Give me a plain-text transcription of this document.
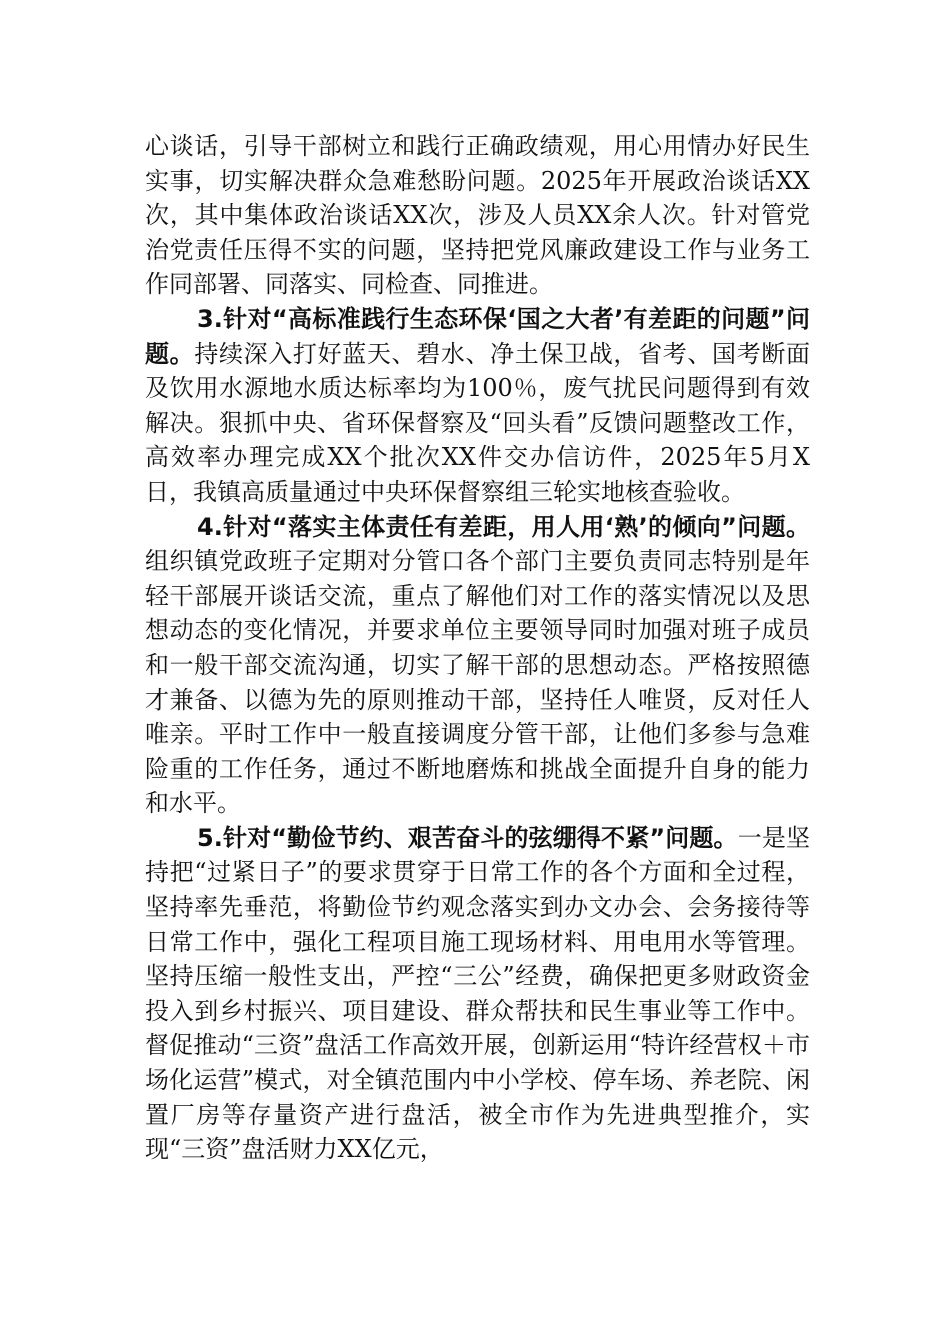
心谈话，引导干部树立和践行正确政绩观，用心用情办好民生实事，切实解决群众急难愁盼问题。2025年开展政治谈话XX次，其中集体政治谈话XX次，涉及人员XX余人次。针对管党治党责任压得不实的问题，坚持把党风廉政建设工作与业务工作同部署、同落实、同检查、同推进。

3.针对“高标准践行生态环保‘国之大者’有差距的问题”问题。持续深入打好蓝天、碧水、净土保卫战，省考、国考断面及饮用水源地水质达标率均为100％，废气扰民问题得到有效解决。狠抓中央、省环保督察及“回头看”反馈问题整改工作，高效率办理完成XX个批次XX件交办信访件，2025年5月X日，我镇高质量通过中央环保督察组三轮实地核查验收。

4.针对“落实主体责任有差距，用人用‘熟’的倾向”问题。组织镇党政班子定期对分管口各个部门主要负责同志特别是年轻干部展开谈话交流，重点了解他们对工作的落实情况以及思想动态的变化情况，并要求单位主要领导同时加强对班子成员和一般干部交流沟通，切实了解干部的思想动态。严格按照德才兼备、以德为先的原则推动干部，坚持任人唯贤，反对任人唯亲。平时工作中一般直接调度分管干部，让他们多参与急难险重的工作任务，通过不断地磨炼和挑战全面提升自身的能力和水平。

5.针对“勤俭节约、艰苦奋斗的弦绷得不紧”问题。一是坚持把“过紧日子”的要求贯穿于日常工作的各个方面和全过程，坚持率先垂范，将勤俭节约观念落实到办文办会、会务接待等日常工作中，强化工程项目施工现场材料、用电用水等管理。坚持压缩一般性支出，严控“三公”经费，确保把更多财政资金投入到乡村振兴、项目建设、群众帮扶和民生事业等工作中。督促推动“三资”盘活工作高效开展，创新运用“特许经营权＋市场化运营”模式，对全镇范围内中小学校、停车场、养老院、闲置厂房等存量资产进行盘活，被全市作为先进典型推介，实现“三资”盘活财力XX亿元，
